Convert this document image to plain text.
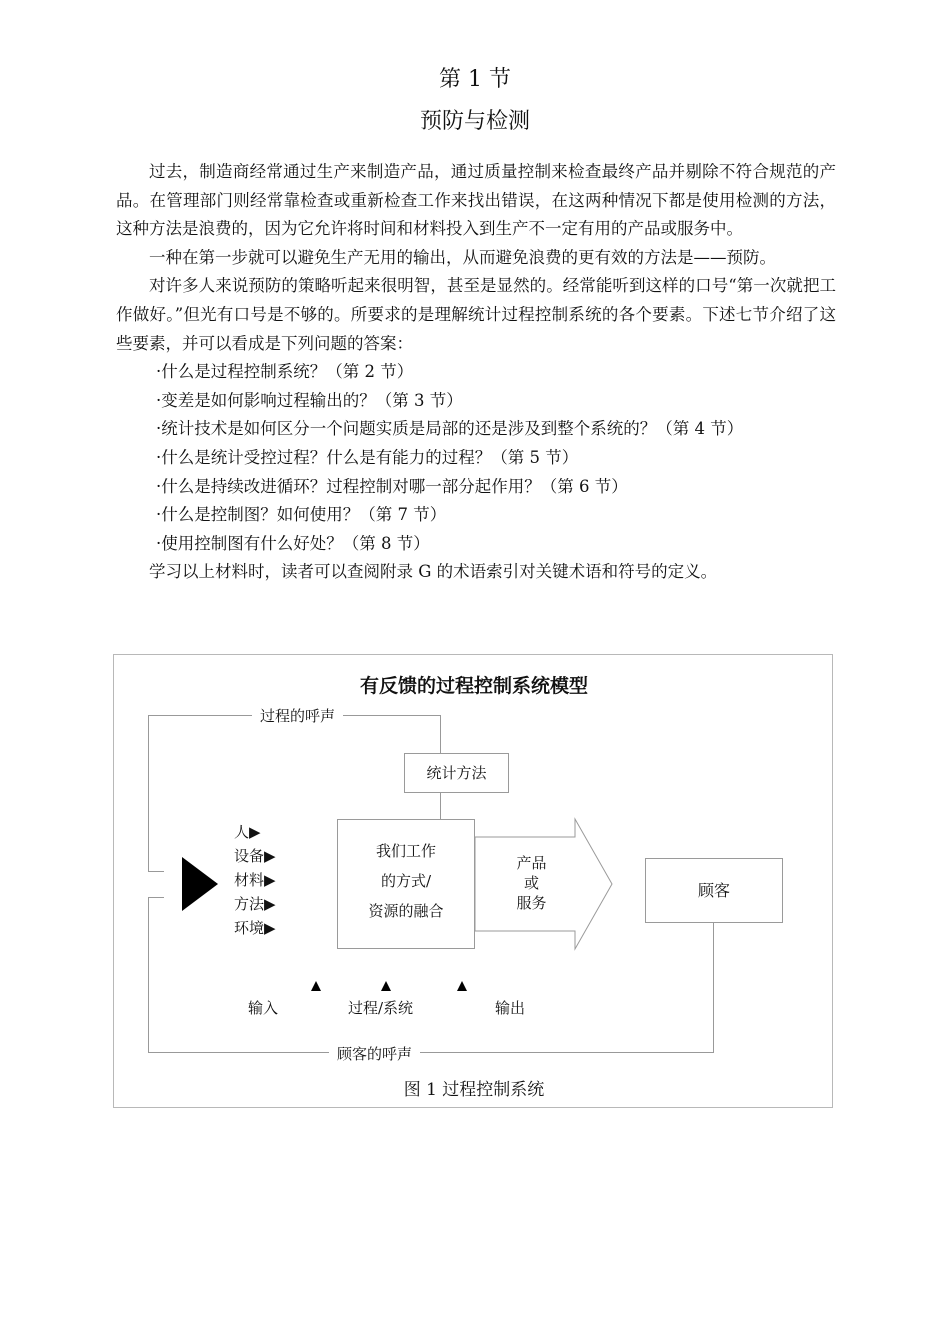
第 1 节
预防与检测

过去，制造商经常通过生产来制造产品，通过质量控制来检查最终产品并剔除不符合规范的产品。在管理部门则经常靠检查或重新检查工作来找出错误，在这两种情况下都是使用检测的方法，这种方法是浪费的，因为它允许将时间和材料投入到生产不一定有用的产品或服务中。

一种在第一步就可以避免生产无用的输出，从而避免浪费的更有效的方法是——预防。

对许多人来说预防的策略听起来很明智，甚至是显然的。经常能听到这样的口号“第一次就把工作做好。”但光有口号是不够的。所要求的是理解统计过程控制系统的各个要素。下述七节介绍了这些要素，并可以看成是下列问题的答案：

·什么是过程控制系统？（第 2 节）
·变差是如何影响过程输出的？（第 3 节）
·统计技术是如何区分一个问题实质是局部的还是涉及到整个系统的？（第 4 节）
·什么是统计受控过程？什么是有能力的过程？（第 5 节）
·什么是持续改进循环？过程控制对哪一部分起作用？（第 6 节）
·什么是控制图？如何使用？（第 7 节）
·使用控制图有什么好处？（第 8 节）
学习以上材料时，读者可以查阅附录 G 的术语索引对关键术语和符号的定义。
有反馈的过程控制系统模型
过程的呼声
统计方法
人▶
设备▶
材料▶
方法▶
环境▶
我们工作
的方式/
资源的融合
产品
或
服务
顾客
输入	过程/系统	输出
顾客的呼声
图 1 过程控制系统
